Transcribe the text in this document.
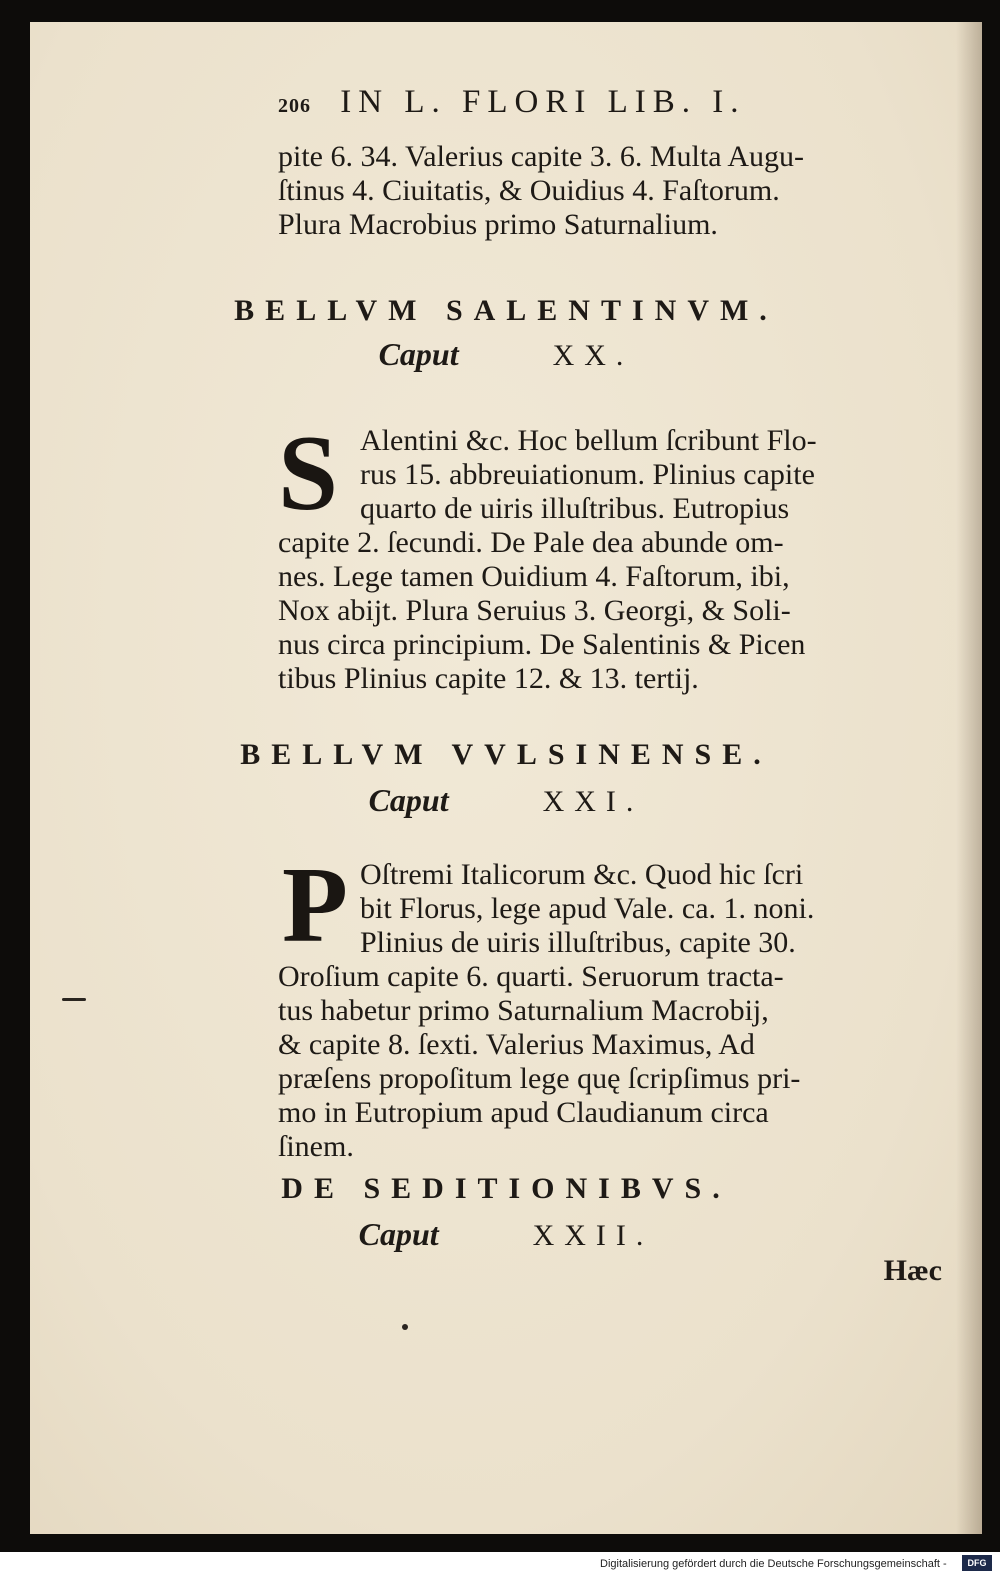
206 IN L. FLORI LIB. I.
pite 6. 34. Valerius capite 3. 6. Multa Augu-
ſtinus 4. Ciuitatis, & Ouidius 4. Faſtorum.
Plura Macrobius primo Saturnalium.
BELLVM SALENTINVM.
Caput	XX.
S Alentini &c. Hoc bellum ſcribunt Flo-
rus 15. abbreuiationum. Plinius capite
quarto de uiris illuſtribus. Eutropius
capite 2. ſecundi. De Pale dea abunde om-
nes. Lege tamen Ouidium 4. Faſtorum, ibi,
Nox abijt. Plura Seruius 3. Georgi, & Soli-
nus circa principium. De Salentinis & Picen
tibus Plinius capite 12. & 13. tertij.
BELLVM VVLSINENSE.
Caput	XXI.
P Oſtremi Italicorum &c. Quod hic ſcri
bit Florus, lege apud Vale. ca. 1. noni.
Plinius de uiris illuſtribus, capite 30.
Oroſium capite 6. quarti. Seruorum tracta-
tus habetur primo Saturnalium Macrobij,
& capite 8. ſexti. Valerius Maximus, Ad
præſens propoſitum lege quę ſcripſimus pri-
mo in Eutropium apud Claudianum circa
ſinem.
DE SEDITIONIBVS.
Caput	XXII.
Hæc
Digitalisierung gefördert durch die Deutsche Forschungsgemeinschaft -	DFG
